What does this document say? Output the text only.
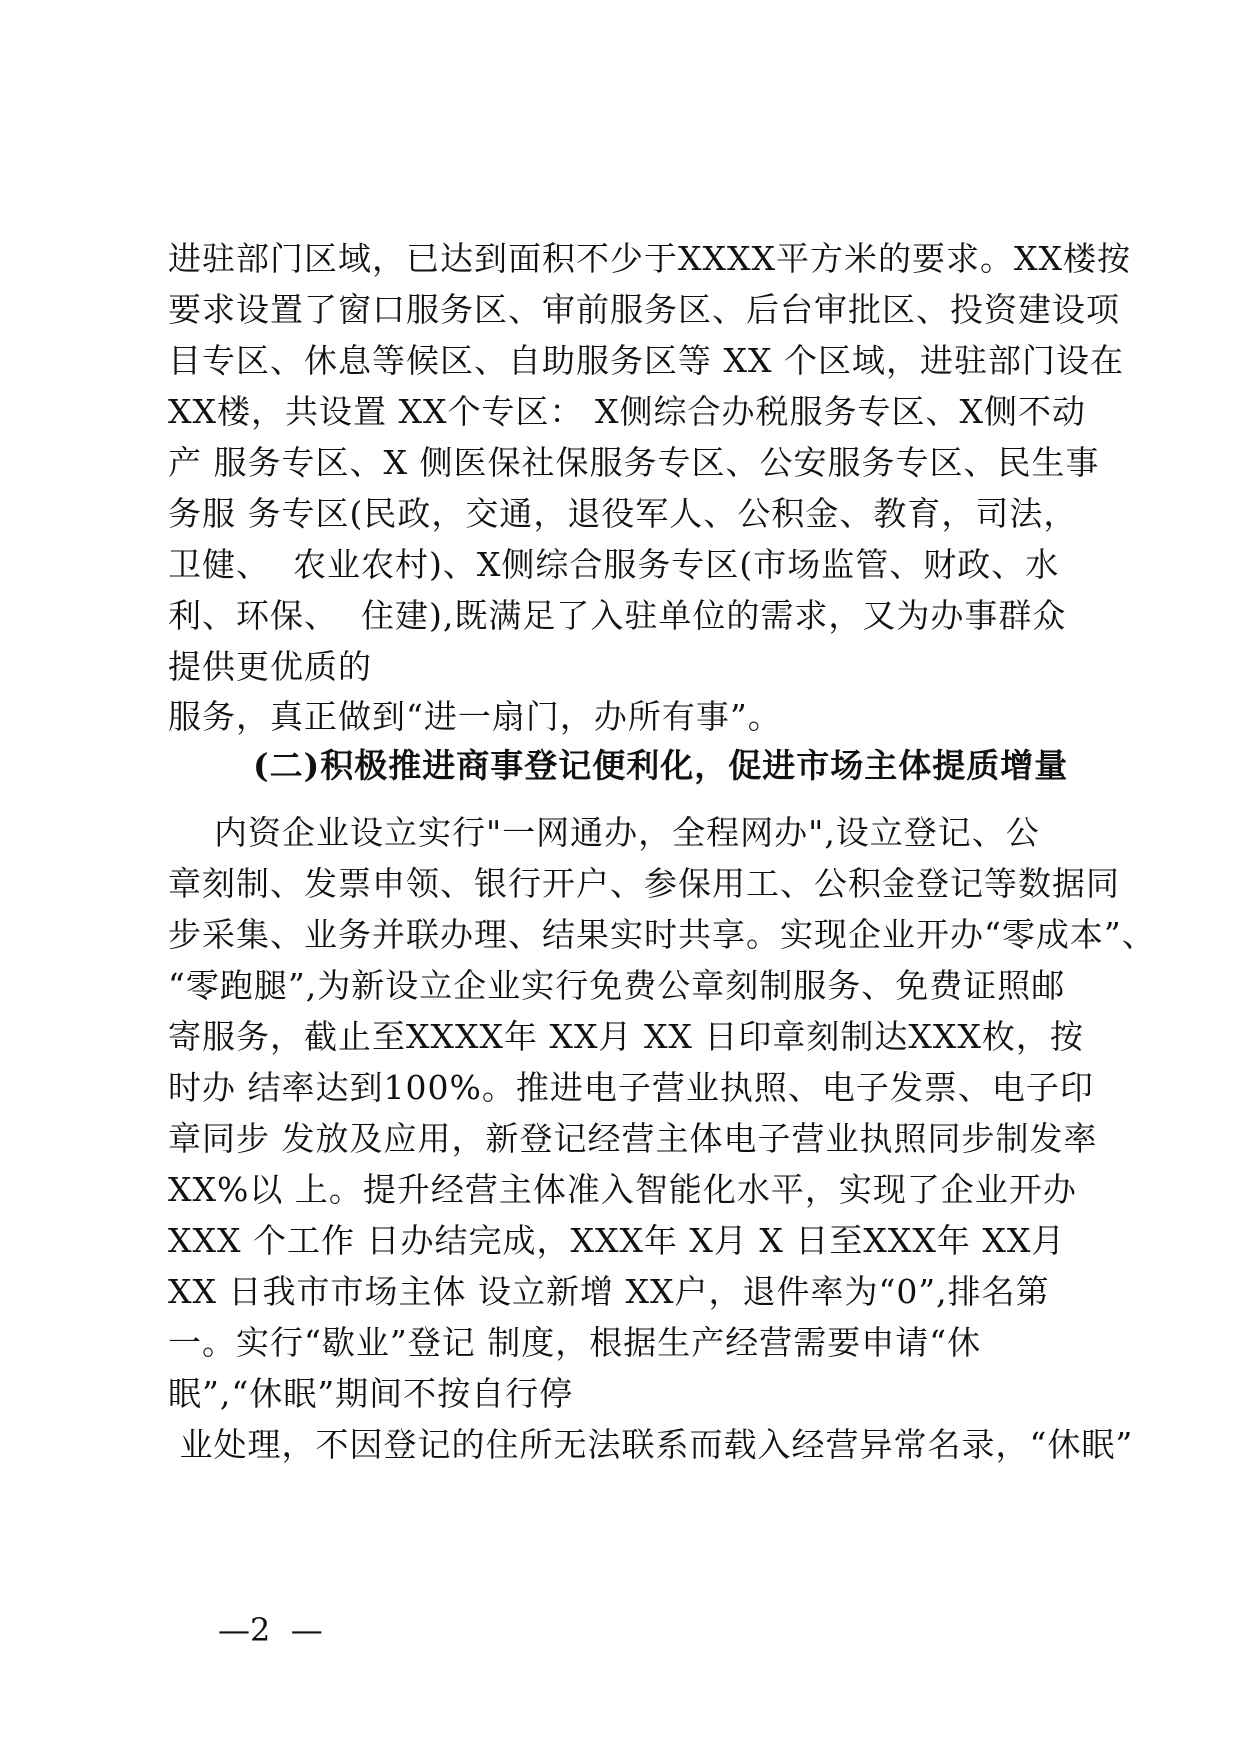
进驻部门区域，已达到面积不少于XXXX平方米的要求。XX楼按
要求设置了窗口服务区、审前服务区、后台审批区、投资建设项
目专区、休息等候区、自助服务区等 XX 个区域，进驻部门设在
XX楼，共设置 XX个专区： X侧综合办税服务专区、X侧不动
产 服务专区、X 侧医保社保服务专区、公安服务专区、民生事
务服 务专区(民政，交通，退役军人、公积金、教育，司法，
卫健、  农业农村)、X侧综合服务专区(市场监管、财政、水
利、环保、  住建),既满足了入驻单位的需求，又为办事群众
提供更优质的
服务，真正做到“进一扇门，办所有事”。
(二)积极推进商事登记便利化，促进市场主体提质增量
内资企业设立实行"一网通办，全程网办",设立登记、公
章刻制、发票申领、银行开户、参保用工、公积金登记等数据同
步采集、业务并联办理、结果实时共享。实现企业开办“零成本”、
“零跑腿”,为新设立企业实行免费公章刻制服务、免费证照邮
寄服务，截止至XXXX年 XX月 XX 日印章刻制达XXX枚，按
时办 结率达到100%。推进电子营业执照、电子发票、电子印
章同步 发放及应用，新登记经营主体电子营业执照同步制发率
XX%以 上。提升经营主体准入智能化水平，实现了企业开办
XXX 个工作 日办结完成，XXX年 X月 X 日至XXX年 XX月
XX 日我市市场主体 设立新增 XX户，退件率为“0”,排名第
一。实行“歇业”登记 制度，根据生产经营需要申请“休
眠”,“休眠”期间不按自行停
业处理，不因登记的住所无法联系而载入经营异常名录，“休眠”
—2  —
